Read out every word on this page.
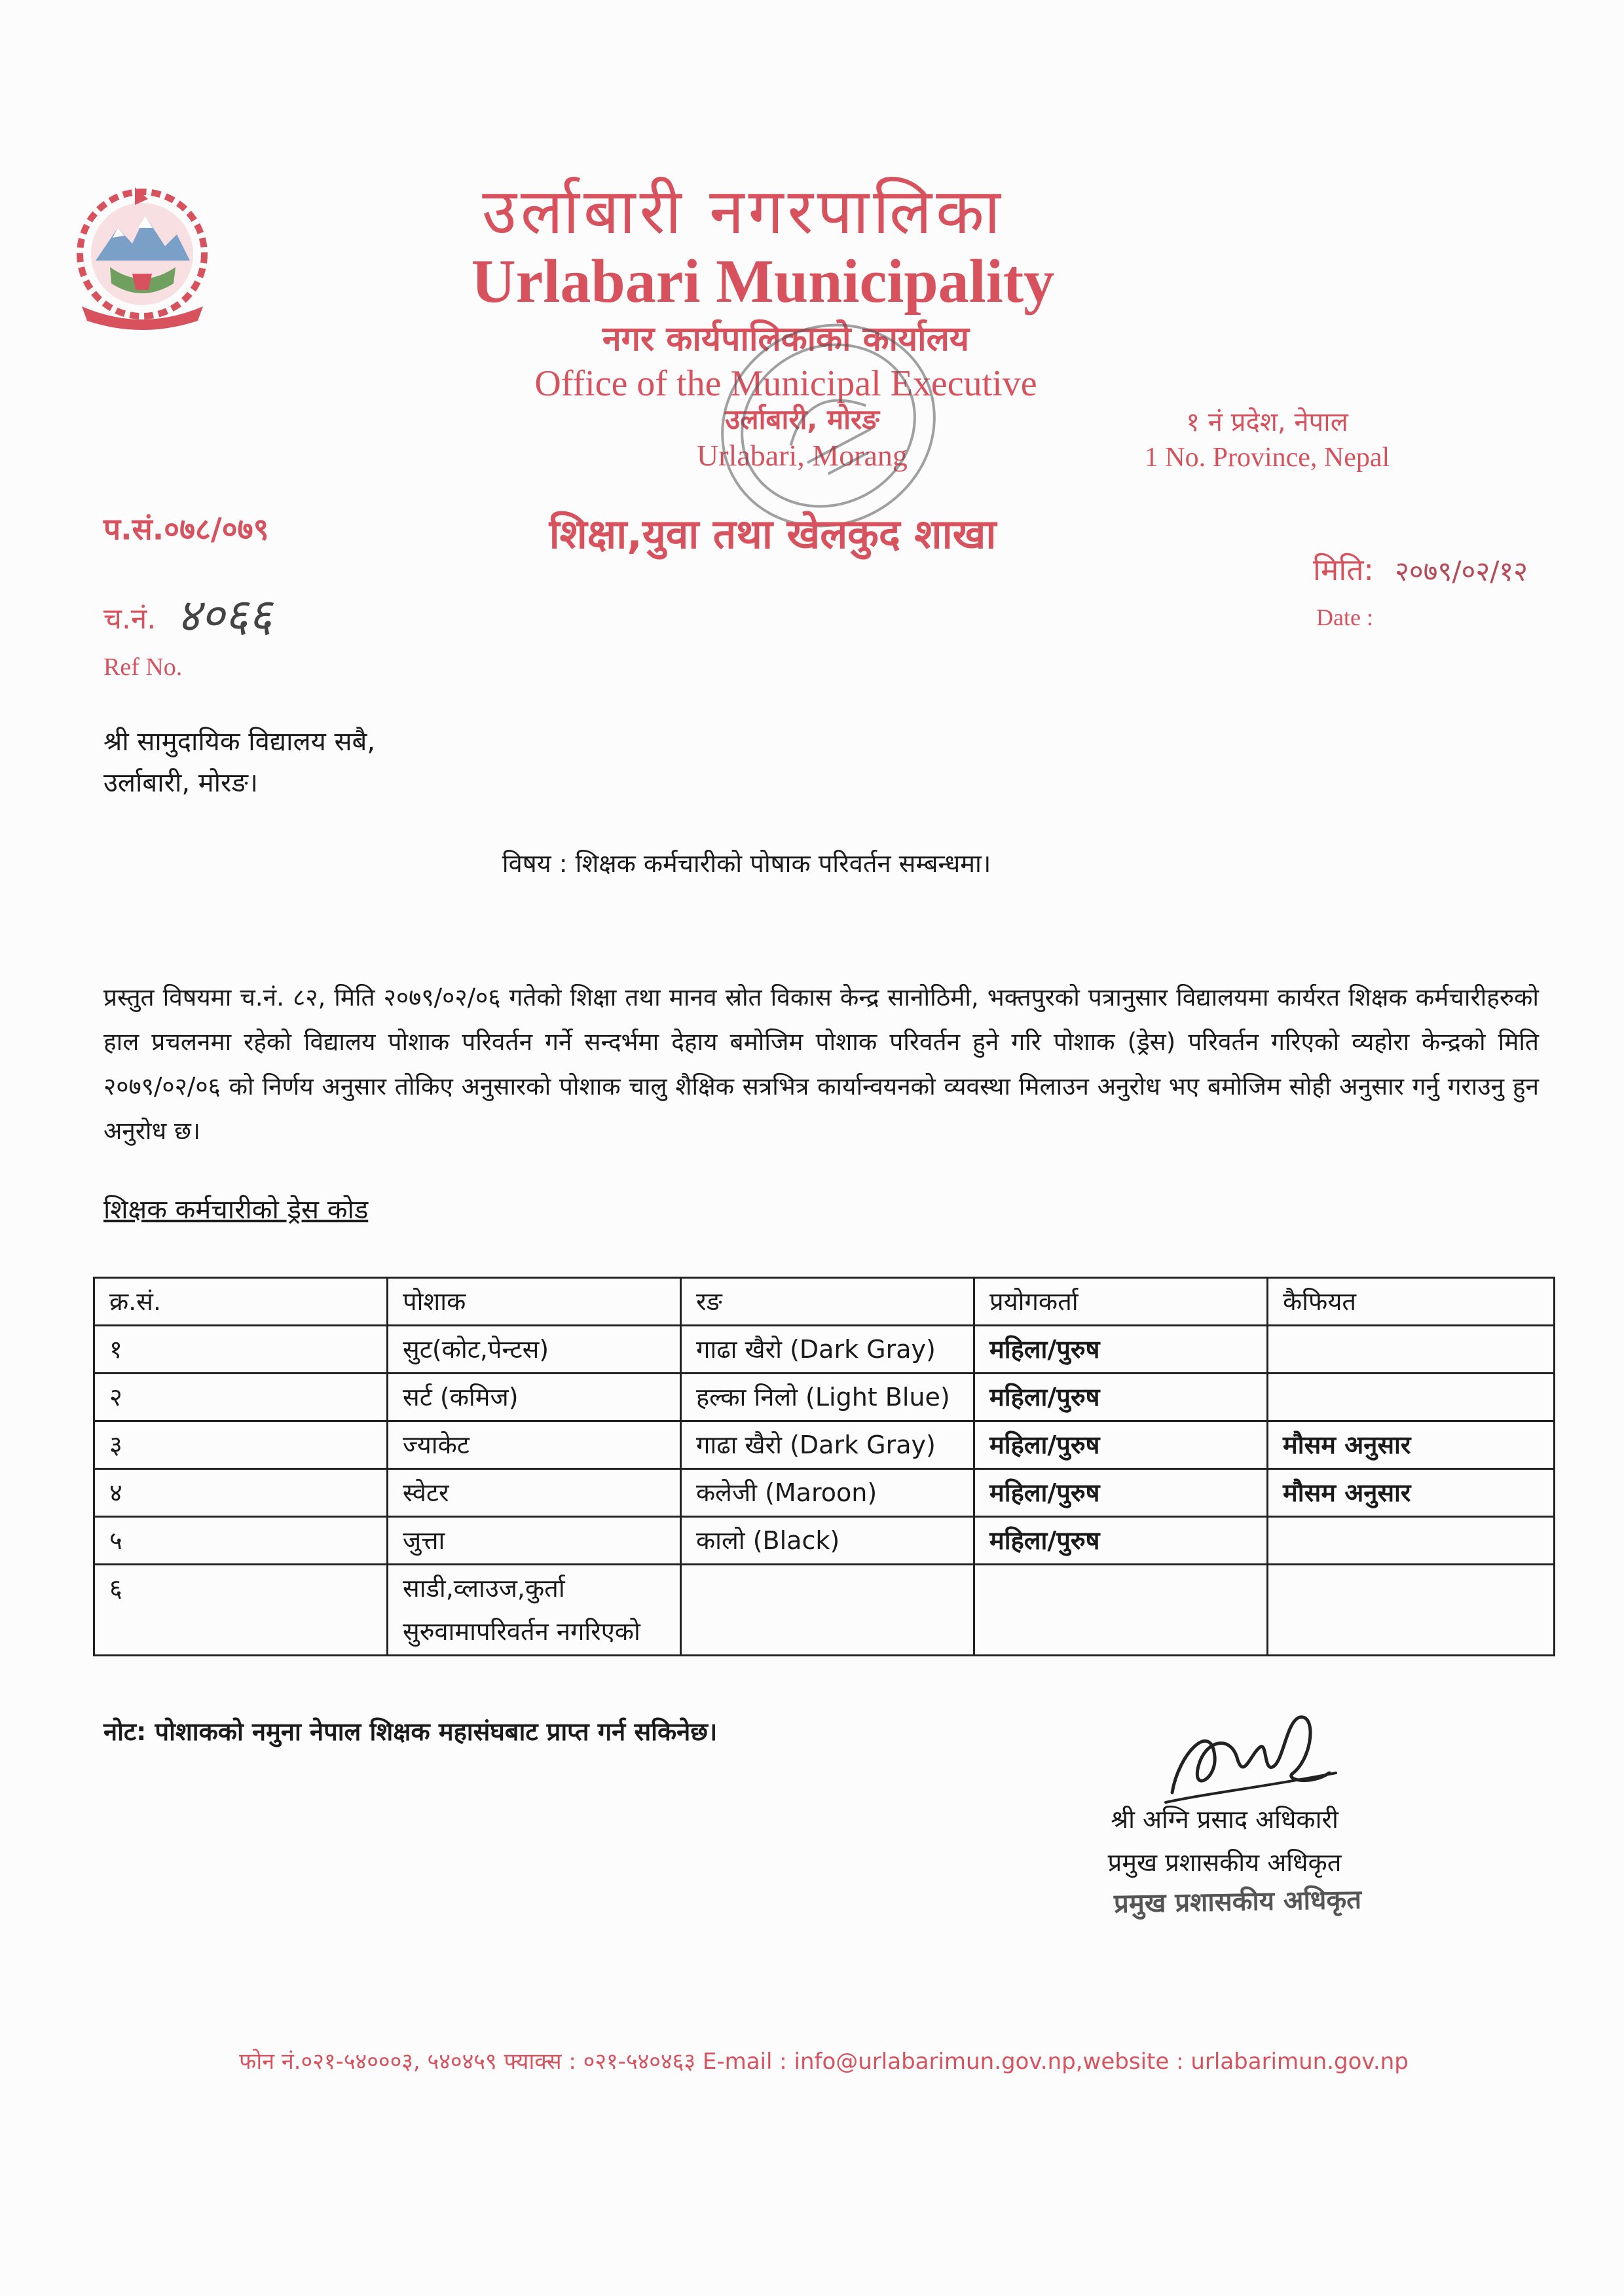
उर्लाबारी नगरपालिका
Urlabari Municipality
नगर कार्यपालिकाको कार्यालय
Office of the Municipal Executive
उर्लाबारी, मोरङ
Urlabari, Morang
१ नं प्रदेश, नेपाल
1 No. Province, Nepal
शिक्षा,युवा तथा खेलकुद शाखा
प.सं.०७८/०७९
च.नं. ४०६६
Ref No.
मिति: २०७९/०२/१२
Date :
श्री सामुदायिक विद्यालय सबै,
उर्लाबारी, मोरङ।
विषय : शिक्षक कर्मचारीको पोषाक परिवर्तन सम्बन्धमा।
प्रस्तुत विषयमा च.नं. ८२, मिति २०७९/०२/०६ गतेको शिक्षा तथा मानव स्रोत विकास केन्द्र सानोठिमी, भक्तपुरको पत्रानुसार विद्यालयमा कार्यरत शिक्षक कर्मचारीहरुको हाल प्रचलनमा रहेको विद्यालय पोशाक परिवर्तन गर्ने सन्दर्भमा देहाय बमोजिम पोशाक परिवर्तन हुने गरि पोशाक (ड्रेस) परिवर्तन गरिएको व्यहोरा केन्द्रको मिति २०७९/०२/०६ को निर्णय अनुसार तोकिए अनुसारको पोशाक चालु शैक्षिक सत्रभित्र कार्यान्वयनको व्यवस्था मिलाउन अनुरोध भए बमोजिम सोही अनुसार गर्नु गराउनु हुन अनुरोध छ।
शिक्षक कर्मचारीको ड्रेस कोड
क्र.सं.	पोशाक	रङ	प्रयोगकर्ता	कैफियत
१	सुट(कोट,पेन्टस)	गाढा खैरो (Dark Gray)	महिला/पुरुष	
२	सर्ट (कमिज)	हल्का निलो (Light Blue)	महिला/पुरुष	
३	ज्याकेट	गाढा खैरो (Dark Gray)	महिला/पुरुष	मौसम अनुसार
४	स्वेटर	कलेजी (Maroon)	महिला/पुरुष	मौसम अनुसार
५	जुत्ता	कालो (Black)	महिला/पुरुष	
६	साडी,व्लाउज,कुर्ता सुरुवामापरिवर्तन नगरिएको			
नोट: पोशाकको नमुना नेपाल शिक्षक महासंघबाट प्राप्त गर्न सकिनेछ।
श्री अग्नि प्रसाद अधिकारी
प्रमुख प्रशासकीय अधिकृत
प्रमुख प्रशासकीय अधिकृत
फोन नं.०२१-५४०००३, ५४०४५९ फ्याक्स : ०२१-५४०४६३ E-mail : info@urlabarimun.gov.np,website : urlabarimun.gov.np
